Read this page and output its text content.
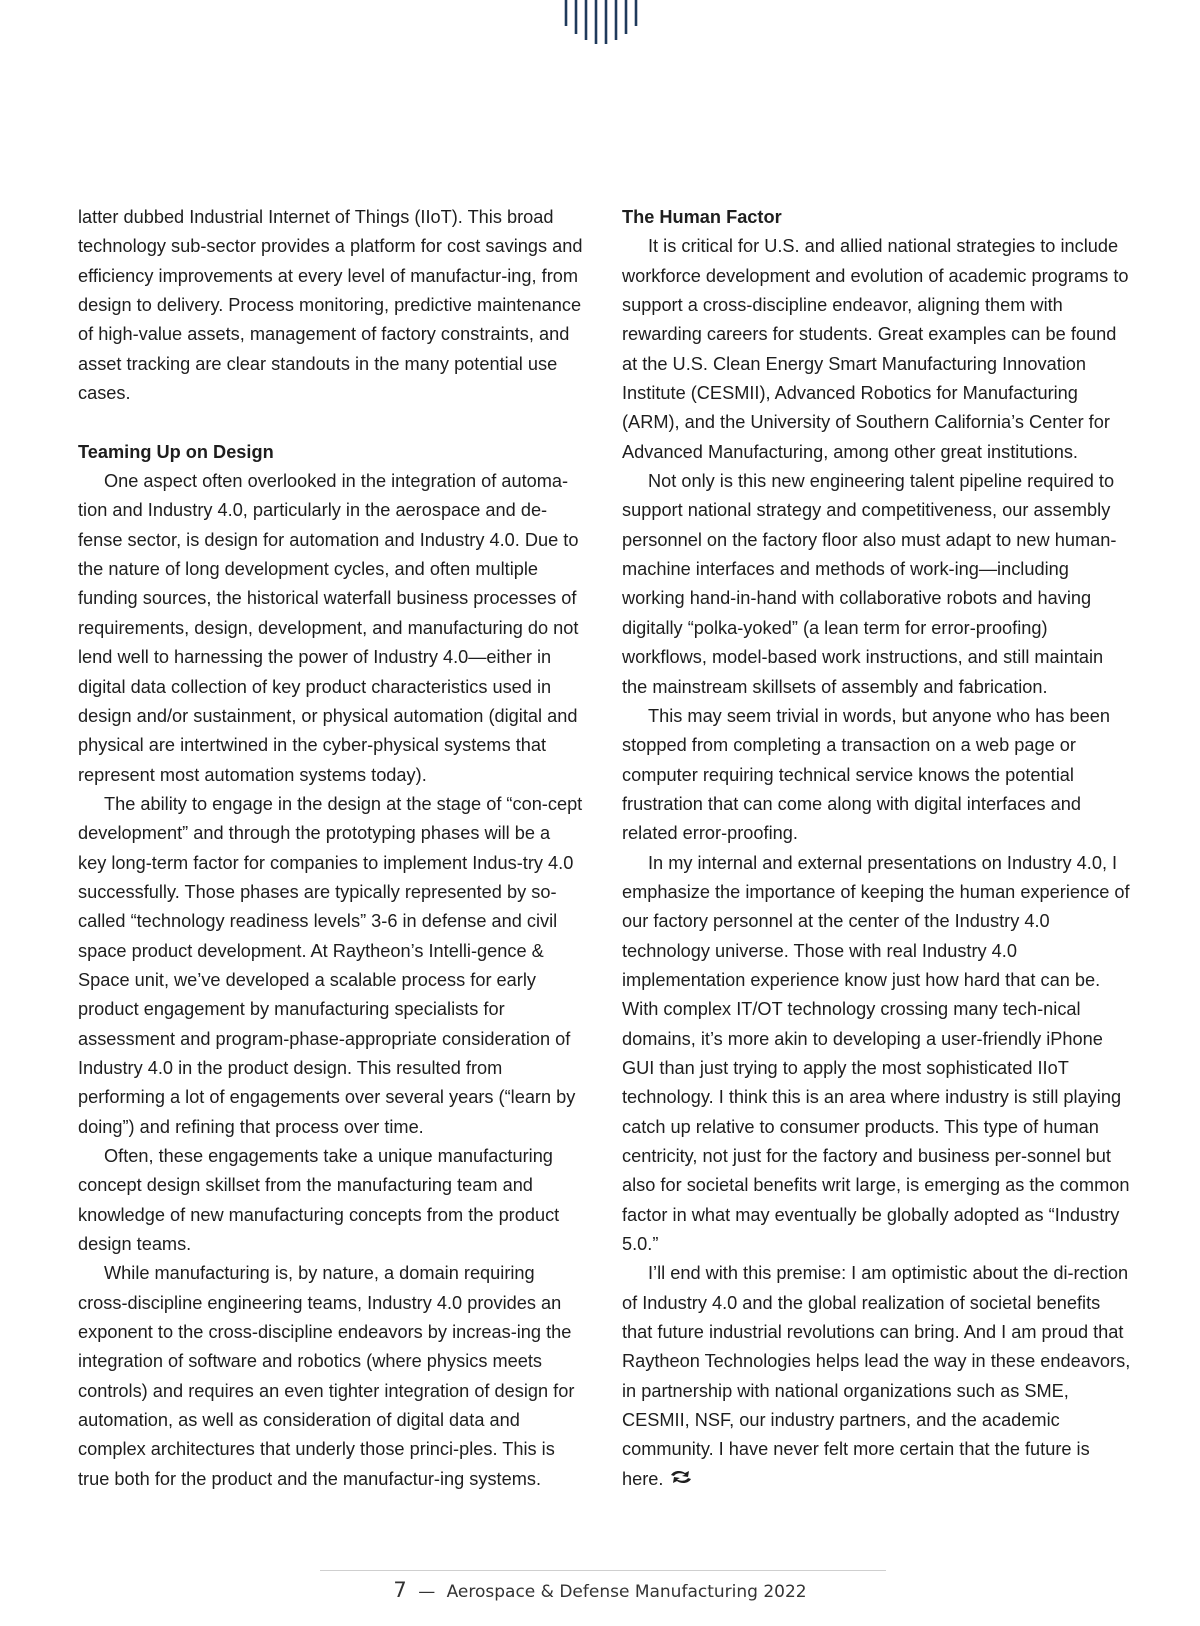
latter dubbed Industrial Internet of Things (IIoT). This broad technology sub-sector provides a platform for cost savings and efficiency improvements at every level of manufactur-ing, from design to delivery. Process monitoring, predictive maintenance of high-value assets, management of factory constraints, and asset tracking are clear standouts in the many potential use cases.

Teaming Up on Design

One aspect often overlooked in the integration of automa-tion and Industry 4.0, particularly in the aerospace and de-fense sector, is design for automation and Industry 4.0. Due to the nature of long development cycles, and often multiple funding sources, the historical waterfall business processes of requirements, design, development, and manufacturing do not lend well to harnessing the power of Industry 4.0—either in digital data collection of key product characteristics used in design and/or sustainment, or physical automation (digital and physical are intertwined in the cyber-physical systems that represent most automation systems today).

The ability to engage in the design at the stage of “con-cept development” and through the prototyping phases will be a key long-term factor for companies to implement Indus-try 4.0 successfully. Those phases are typically represented by so-called “technology readiness levels” 3-6 in defense and civil space product development. At Raytheon’s Intelli-gence & Space unit, we’ve developed a scalable process for early product engagement by manufacturing specialists for assessment and program-phase-appropriate consideration of Industry 4.0 in the product design. This resulted from performing a lot of engagements over several years (“learn by doing”) and refining that process over time.

Often, these engagements take a unique manufacturing concept design skillset from the manufacturing team and knowledge of new manufacturing concepts from the product design teams.

While manufacturing is, by nature, a domain requiring cross-discipline engineering teams, Industry 4.0 provides an exponent to the cross-discipline endeavors by increas-ing the integration of software and robotics (where physics meets controls) and requires an even tighter integration of design for automation, as well as consideration of digital data and complex architectures that underly those princi-ples. This is true both for the product and the manufactur-ing systems.

The Human Factor

It is critical for U.S. and allied national strategies to include workforce development and evolution of academic programs to support a cross-discipline endeavor, aligning them with rewarding careers for students. Great examples can be found at the U.S. Clean Energy Smart Manufacturing Innovation Institute (CESMII), Advanced Robotics for Manufacturing (ARM), and the University of Southern California’s Center for Advanced Manufacturing, among other great institutions.

Not only is this new engineering talent pipeline required to support national strategy and competitiveness, our assembly personnel on the factory floor also must adapt to new human-machine interfaces and methods of work-ing—including working hand-in-hand with collaborative robots and having digitally “polka-yoked” (a lean term for error-proofing) workflows, model-based work instructions, and still maintain the mainstream skillsets of assembly and fabrication.

This may seem trivial in words, but anyone who has been stopped from completing a transaction on a web page or computer requiring technical service knows the potential frustration that can come along with digital interfaces and related error-proofing.

In my internal and external presentations on Industry 4.0, I emphasize the importance of keeping the human experience of our factory personnel at the center of the Industry 4.0 technology universe. Those with real Industry 4.0 implementation experience know just how hard that can be. With complex IT/OT technology crossing many tech-nical domains, it’s more akin to developing a user-friendly iPhone GUI than just trying to apply the most sophisticated IIoT technology. I think this is an area where industry is still playing catch up relative to consumer products. This type of human centricity, not just for the factory and business per-sonnel but also for societal benefits writ large, is emerging as the common factor in what may eventually be globally adopted as “Industry 5.0.”

I’ll end with this premise: I am optimistic about the di-rection of Industry 4.0 and the global realization of societal benefits that future industrial revolutions can bring. And I am proud that Raytheon Technologies helps lead the way in these endeavors, in partnership with national organizations such as SME, CESMII, NSF, our industry partners, and the academic community. I have never felt more certain that the future is here.

7 — Aerospace & Defense Manufacturing 2022
